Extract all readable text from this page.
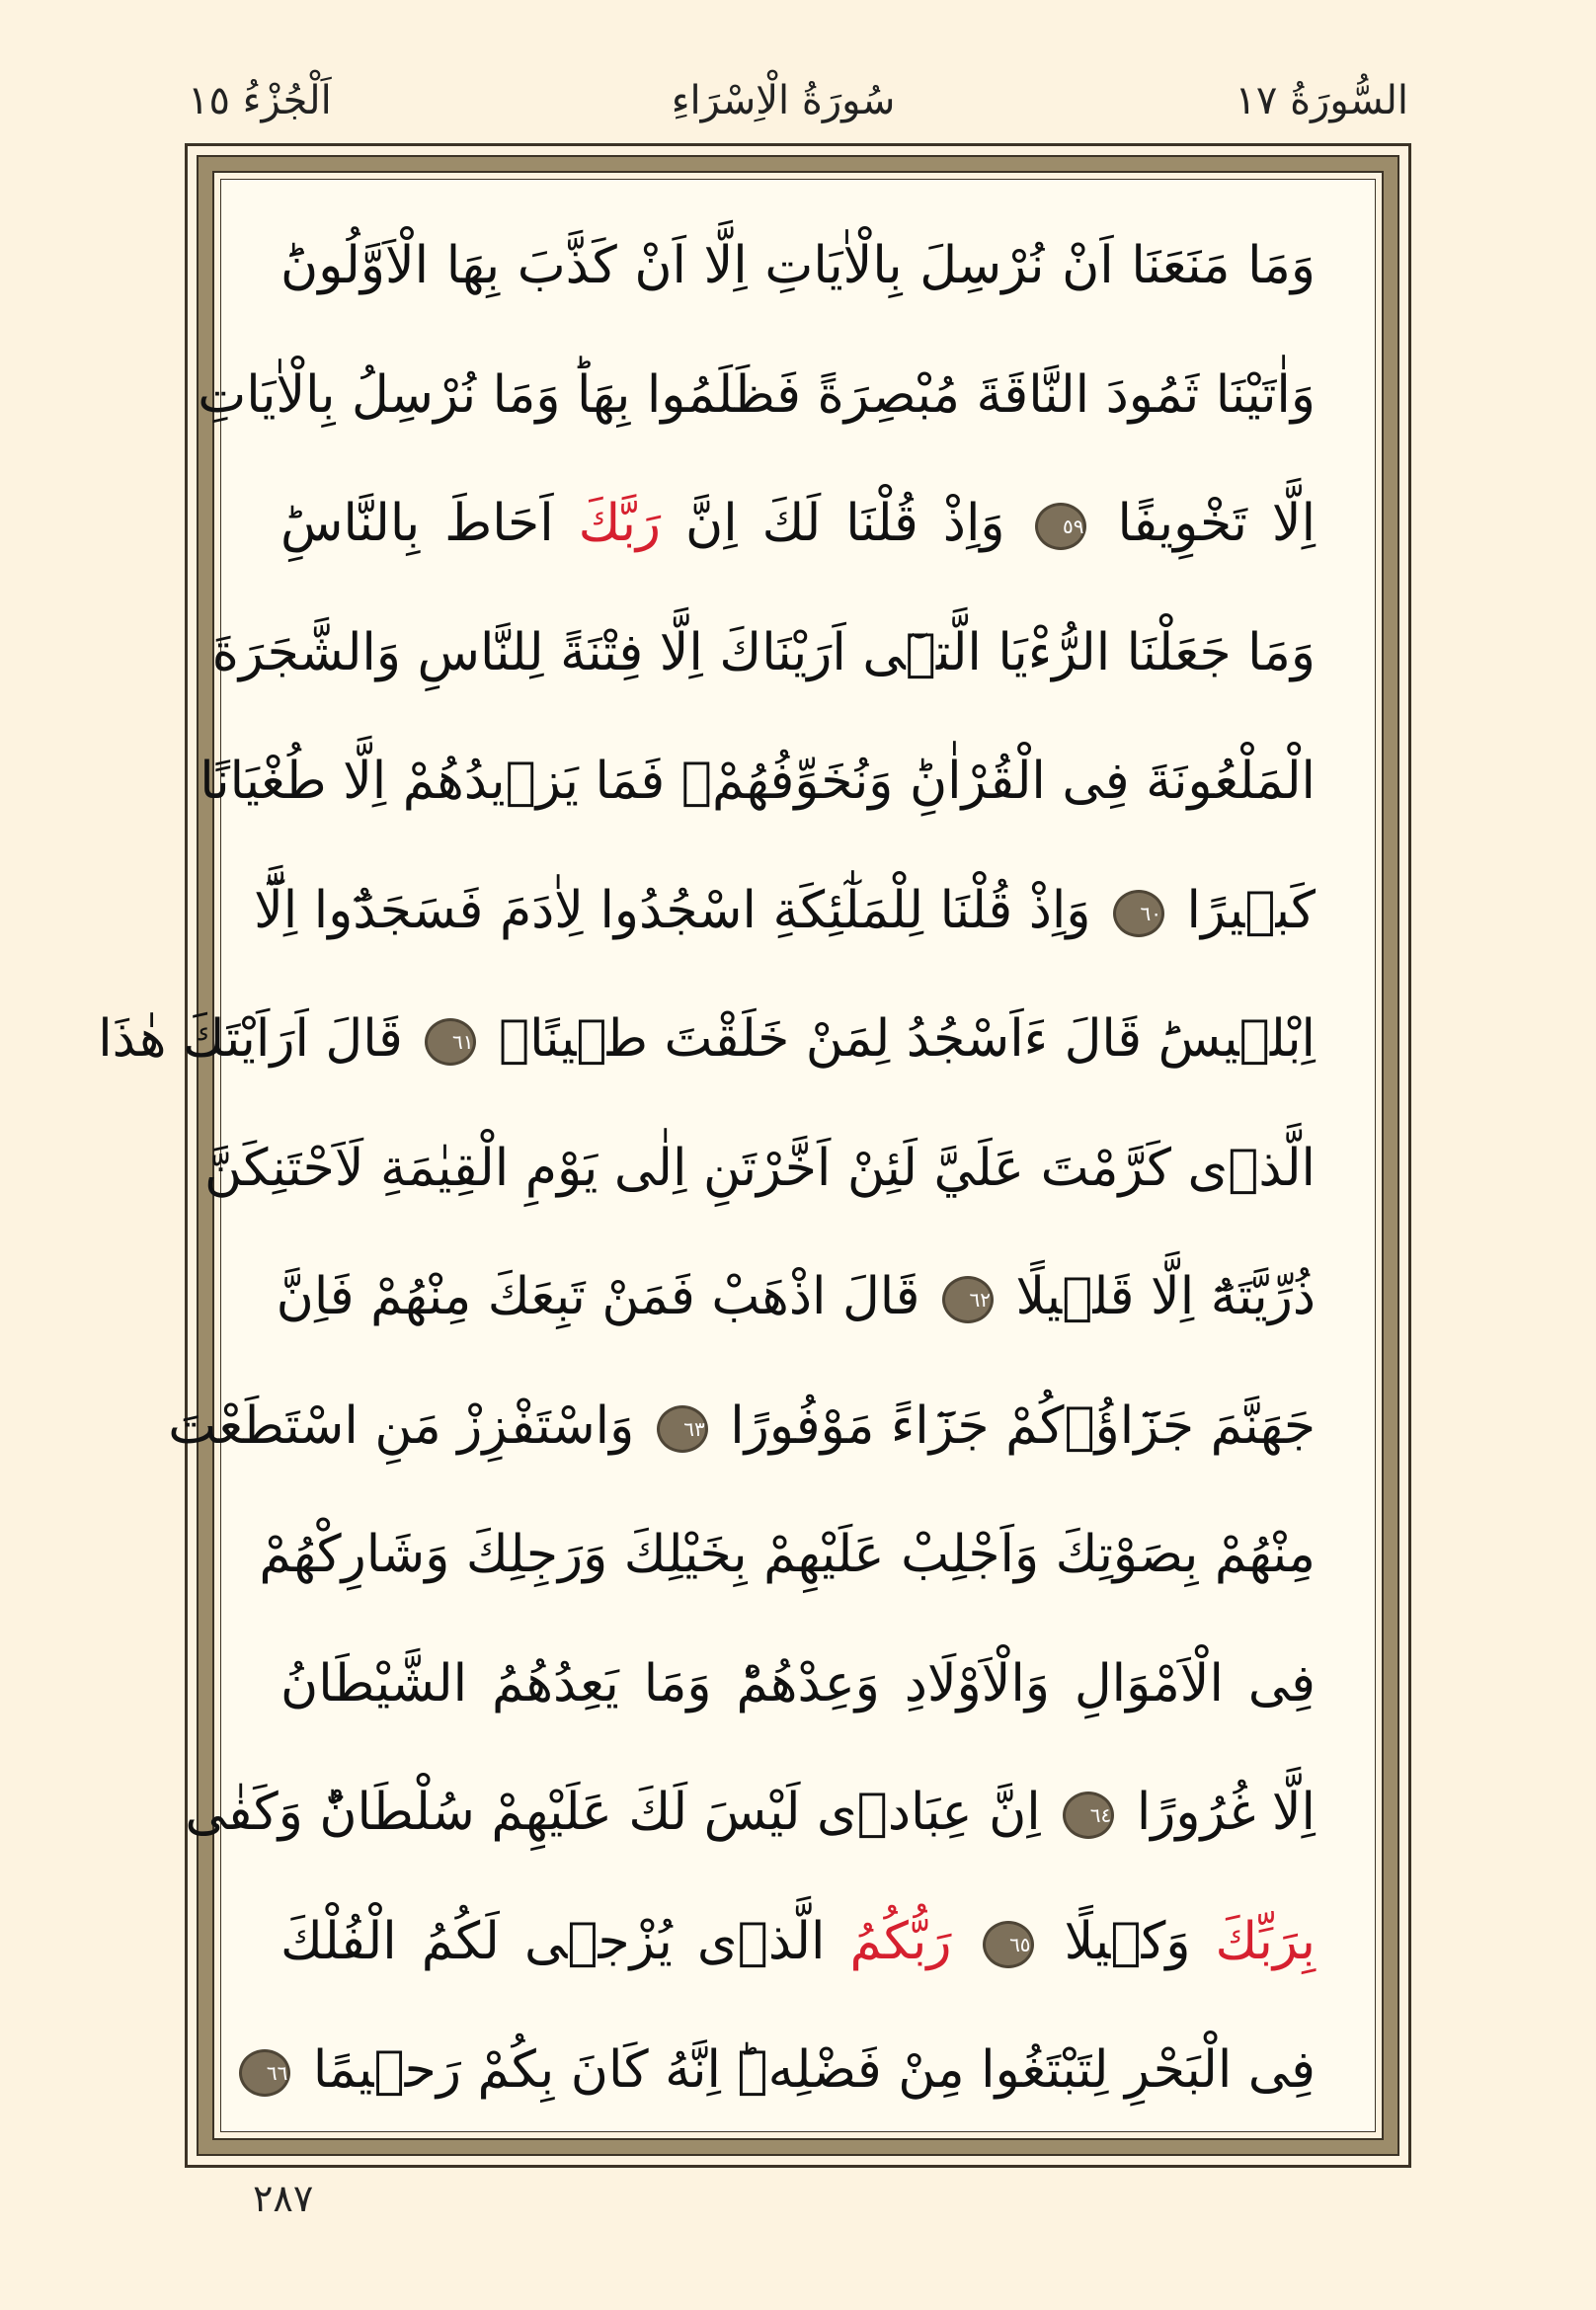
السُّورَةُ ١٧
سُورَةُ الْاِسْرَاءِ
اَلْجُزْءُ ١٥
وَمَا مَنَعَنَا اَنْ نُرْسِلَ بِالْاٰيَاتِ اِلَّا اَنْ كَذَّبَ بِهَا الْاَوَّلُونَؕ
وَاٰتَيْنَا ثَمُودَ النَّاقَةَ مُبْصِرَةً فَظَلَمُوا بِهَاؕ وَمَا نُرْسِلُ بِالْاٰيَاتِ
اِلَّا تَخْوِيفًا ٥٩ وَاِذْ قُلْنَا لَكَ اِنَّ رَبَّكَ اَحَاطَ بِالنَّاسِؕ
وَمَا جَعَلْنَا الرُّءْيَا الَّت۪ٓى اَرَيْنَاكَ اِلَّا فِتْنَةً لِلنَّاسِ وَالشَّجَرَةَ
الْمَلْعُونَةَ فِى الْقُرْاٰنِؕ وَنُخَوِّفُهُمْۙ فَمَا يَز۪يدُهُمْ اِلَّا طُغْيَانًا
كَب۪يرًا ٦٠ وَاِذْ قُلْنَا لِلْمَلٰٓئِكَةِ اسْجُدُوا لِاٰدَمَ فَسَجَدُٓوا اِلَّٓا
اِبْل۪يسَؕ قَالَ ءَاَسْجُدُ لِمَنْ خَلَقْتَ ط۪ينًاۚ ٦١ قَالَ اَرَاَيْتَكَ هٰذَا
الَّذ۪ى كَرَّمْتَ عَلَيَّ لَئِنْ اَخَّرْتَنِ اِلٰى يَوْمِ الْقِيٰمَةِ لَاَحْتَنِكَنَّ
ذُرِّيَّتَهُٓ اِلَّا قَل۪يلًا ٦٢ قَالَ اذْهَبْ فَمَنْ تَبِعَكَ مِنْهُمْ فَاِنَّ
جَهَنَّمَ جَزَٓاؤُ۬كُمْ جَزَٓاءً مَوْفُورًا ٦٣ وَاسْتَفْزِزْ مَنِ اسْتَطَعْتَ
مِنْهُمْ بِصَوْتِكَ وَاَجْلِبْ عَلَيْهِمْ بِخَيْلِكَ وَرَجِلِكَ وَشَارِكْهُمْ
فِى الْاَمْوَالِ وَالْاَوْلَادِ وَعِدْهُمْؕ وَمَا يَعِدُهُمُ الشَّيْطَانُ
اِلَّا غُرُورًا ٦٤ اِنَّ عِبَاد۪ى لَيْسَ لَكَ عَلَيْهِمْ سُلْطَانٌؕ وَكَفٰى
بِرَبِّكَ وَك۪يلًا ٦٥ رَبُّكُمُ الَّذ۪ى يُزْج۪ى لَكُمُ الْفُلْكَ
فِى الْبَحْرِ لِتَبْتَغُوا مِنْ فَضْلِه۪ؕ اِنَّهُ كَانَ بِكُمْ رَح۪يمًا ٦٦
٢٨٧
